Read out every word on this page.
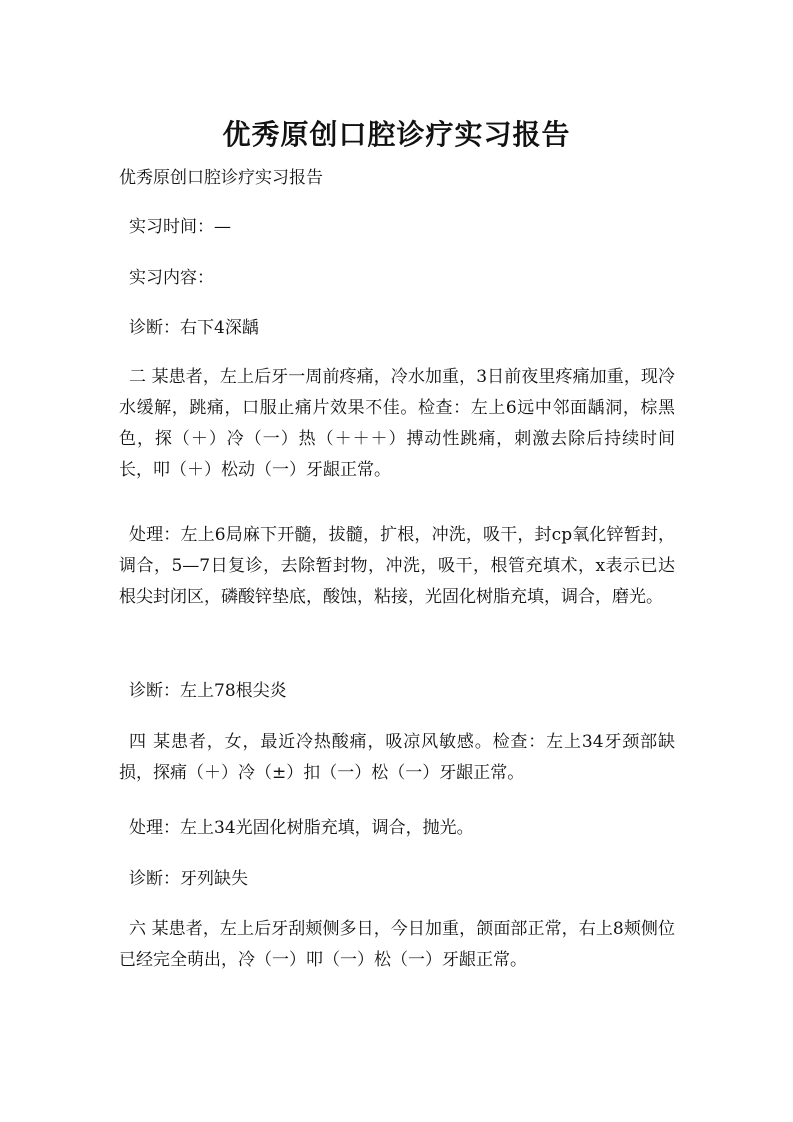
优秀原创口腔诊疗实习报告

优秀原创口腔诊疗实习报告

实习时间：—

实习内容：

诊断：右下4深龋

二 某患者，左上后牙一周前疼痛，冷水加重，3日前夜里疼痛加重，现冷水缓解，跳痛，口服止痛片效果不佳。检查：左上6远中邻面龋洞，棕黑色，探（＋）冷（一）热（＋＋＋）搏动性跳痛，刺激去除后持续时间长，叩（＋）松动（一）牙龈正常。

处理：左上6局麻下开髓，拔髓，扩根，冲洗，吸干，封cp氧化锌暂封，调合，5—7日复诊，去除暂封物，冲洗，吸干，根管充填术，x表示已达根尖封闭区，磷酸锌垫底，酸蚀，粘接，光固化树脂充填，调合，磨光。

诊断：左上78根尖炎

四 某患者，女，最近冷热酸痛，吸凉风敏感。检查：左上34牙颈部缺损，探痛（＋）冷（±）扣（一）松（一）牙龈正常。

处理：左上34光固化树脂充填，调合，抛光。

诊断：牙列缺失

六 某患者，左上后牙刮颊侧多日，今日加重，颌面部正常，右上8颊侧位已经完全萌出，冷（一）叩（一）松（一）牙龈正常。
